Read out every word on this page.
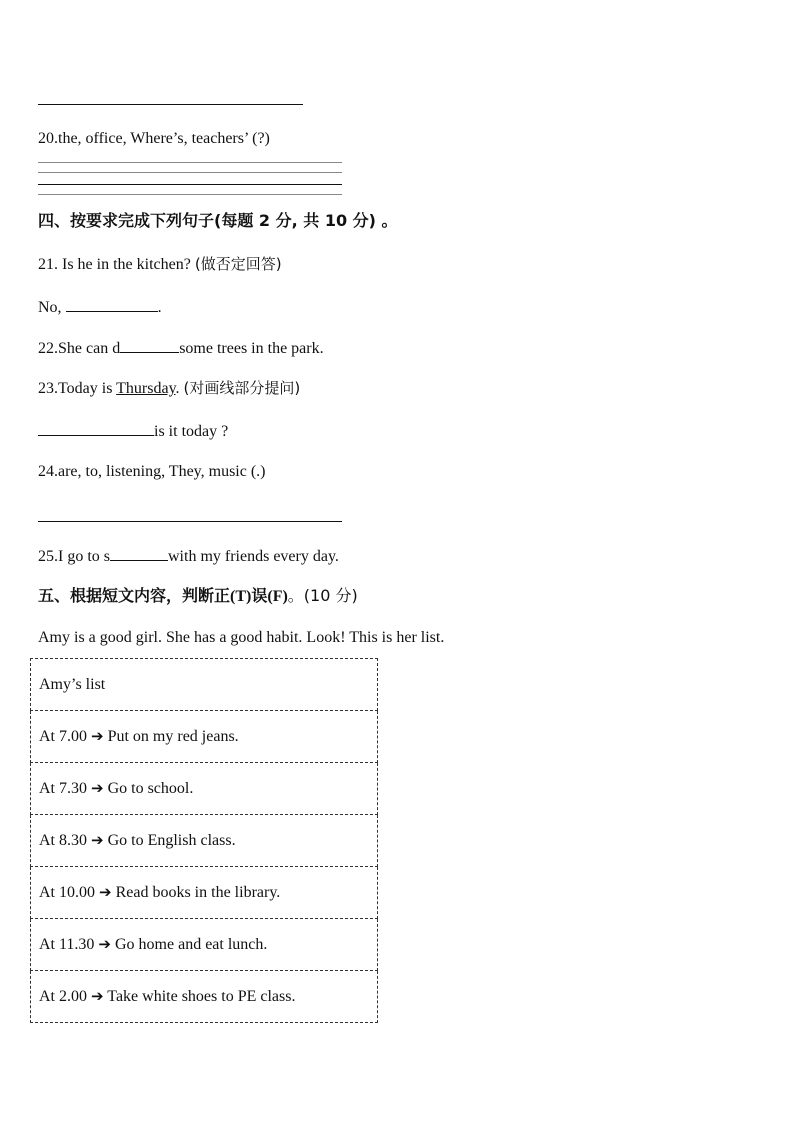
20.the, office, Where’s, teachers’ (?)
四、按要求完成下列句子(每题 2 分, 共 10 分) 。
21. Is he in the kitchen? (做否定回答)
No,	.
22.She can d	some trees in the park.
23.Today is Thursday. (对画线部分提问)
is it today ?
24.are, to, listening, They, music (.)
25.I go to s	with my friends every day.
五、根据短文内容，判断正(T)误(F)。(10 分)
Amy is a good girl. She has a good habit. Look! This is her list.
Amy’s list
At 7.00 ➔ Put on my red jeans.
At 7.30 ➔ Go to school.
At 8.30 ➔ Go to English class.
At 10.00 ➔ Read books in the library.
At 11.30 ➔ Go home and eat lunch.
At 2.00 ➔ Take white shoes to PE class.
